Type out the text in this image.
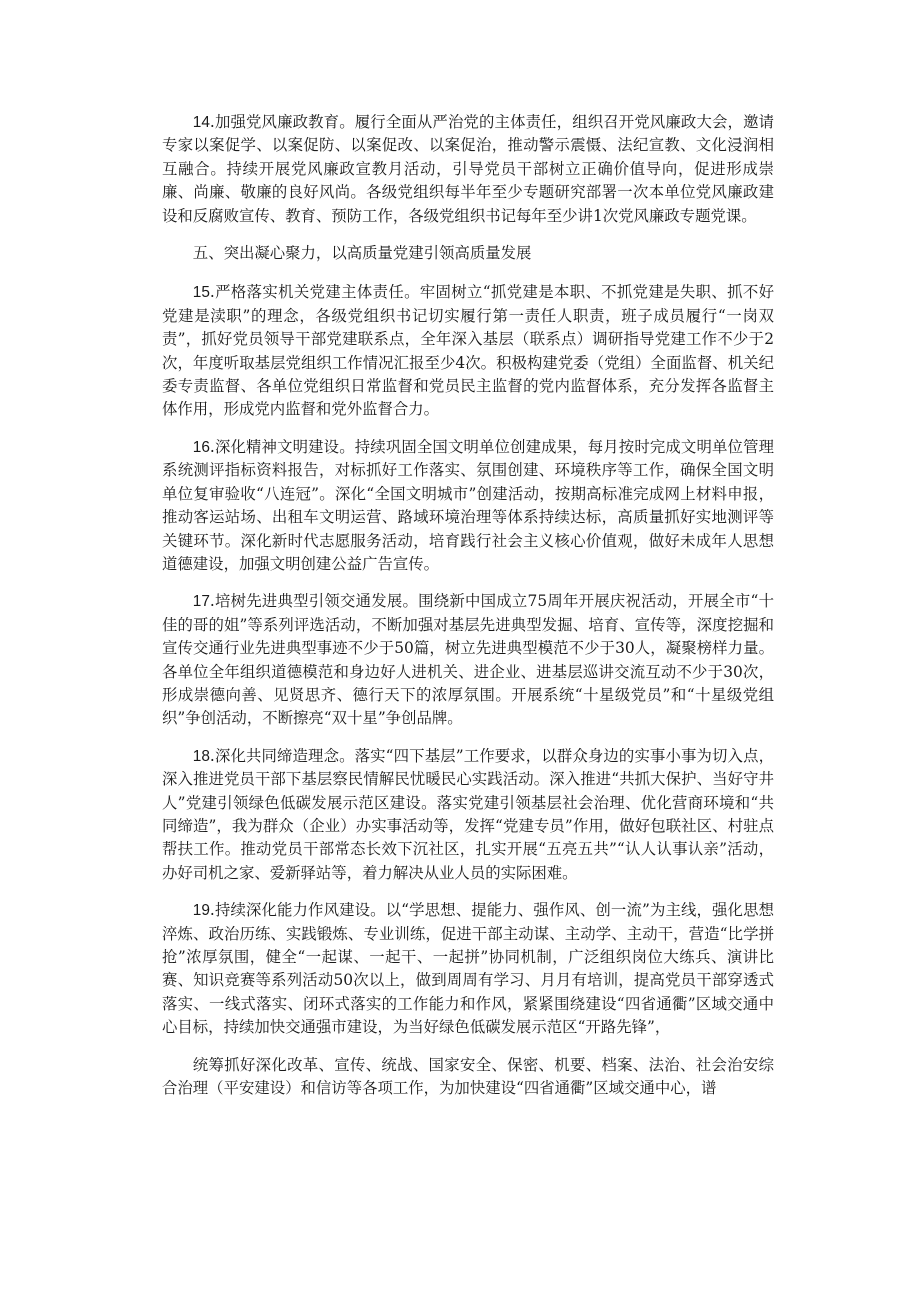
14.加强党风廉政教育。履行全面从严治党的主体责任，组织召开党风廉政大会，邀请专家以案促学、以案促防、以案促改、以案促治，推动警示震慑、法纪宣教、文化浸润相互融合。持续开展党风廉政宣教月活动，引导党员干部树立正确价值导向，促进形成崇廉、尚廉、敬廉的良好风尚。各级党组织每半年至少专题研究部署一次本单位党风廉政建设和反腐败宣传、教育、预防工作，各级党组织书记每年至少讲1次党风廉政专题党课。

五、突出凝心聚力，以高质量党建引领高质量发展

15.严格落实机关党建主体责任。牢固树立“抓党建是本职、不抓党建是失职、抓不好党建是渎职”的理念，各级党组织书记切实履行第一责任人职责，班子成员履行“一岗双责”，抓好党员领导干部党建联系点，全年深入基层（联系点）调研指导党建工作不少于2次，年度听取基层党组织工作情况汇报至少4次。积极构建党委（党组）全面监督、机关纪委专责监督、各单位党组织日常监督和党员民主监督的党内监督体系，充分发挥各监督主体作用，形成党内监督和党外监督合力。

16.深化精神文明建设。持续巩固全国文明单位创建成果，每月按时完成文明单位管理系统测评指标资料报告，对标抓好工作落实、氛围创建、环境秩序等工作，确保全国文明单位复审验收“八连冠”。深化“全国文明城市”创建活动，按期高标准完成网上材料申报，推动客运站场、出租车文明运营、路域环境治理等体系持续达标，高质量抓好实地测评等关键环节。深化新时代志愿服务活动，培育践行社会主义核心价值观，做好未成年人思想道德建设，加强文明创建公益广告宣传。

17.培树先进典型引领交通发展。围绕新中国成立75周年开展庆祝活动，开展全市“十佳的哥的姐”等系列评选活动，不断加强对基层先进典型发掘、培育、宣传等，深度挖掘和宣传交通行业先进典型事迹不少于50篇，树立先进典型模范不少于30人，凝聚榜样力量。各单位全年组织道德模范和身边好人进机关、进企业、进基层巡讲交流互动不少于30次，形成崇德向善、见贤思齐、德行天下的浓厚氛围。开展系统“十星级党员”和“十星级党组织”争创活动，不断擦亮“双十星”争创品牌。

18.深化共同缔造理念。落实“四下基层”工作要求，以群众身边的实事小事为切入点，深入推进党员干部下基层察民情解民忧暖民心实践活动。深入推进“共抓大保护、当好守井人”党建引领绿色低碳发展示范区建设。落实党建引领基层社会治理、优化营商环境和“共同缔造”，我为群众（企业）办实事活动等，发挥“党建专员”作用，做好包联社区、村驻点帮扶工作。推动党员干部常态长效下沉社区，扎实开展“五亮五共”“认人认事认亲”活动，办好司机之家、爱新驿站等，着力解决从业人员的实际困难。

19.持续深化能力作风建设。以“学思想、提能力、强作风、创一流”为主线，强化思想淬炼、政治历练、实践锻炼、专业训练，促进干部主动谋、主动学、主动干，营造“比学拼抢”浓厚氛围，健全“一起谋、一起干、一起拼”协同机制，广泛组织岗位大练兵、演讲比赛、知识竞赛等系列活动50次以上，做到周周有学习、月月有培训，提高党员干部穿透式落实、一线式落实、闭环式落实的工作能力和作风，紧紧围绕建设“四省通衢”区域交通中心目标，持续加快交通强市建设，为当好绿色低碳发展示范区“开路先锋”，

统筹抓好深化改革、宣传、统战、国家安全、保密、机要、档案、法治、社会治安综合治理（平安建设）和信访等各项工作，为加快建设“四省通衢”区域交通中心，谱
